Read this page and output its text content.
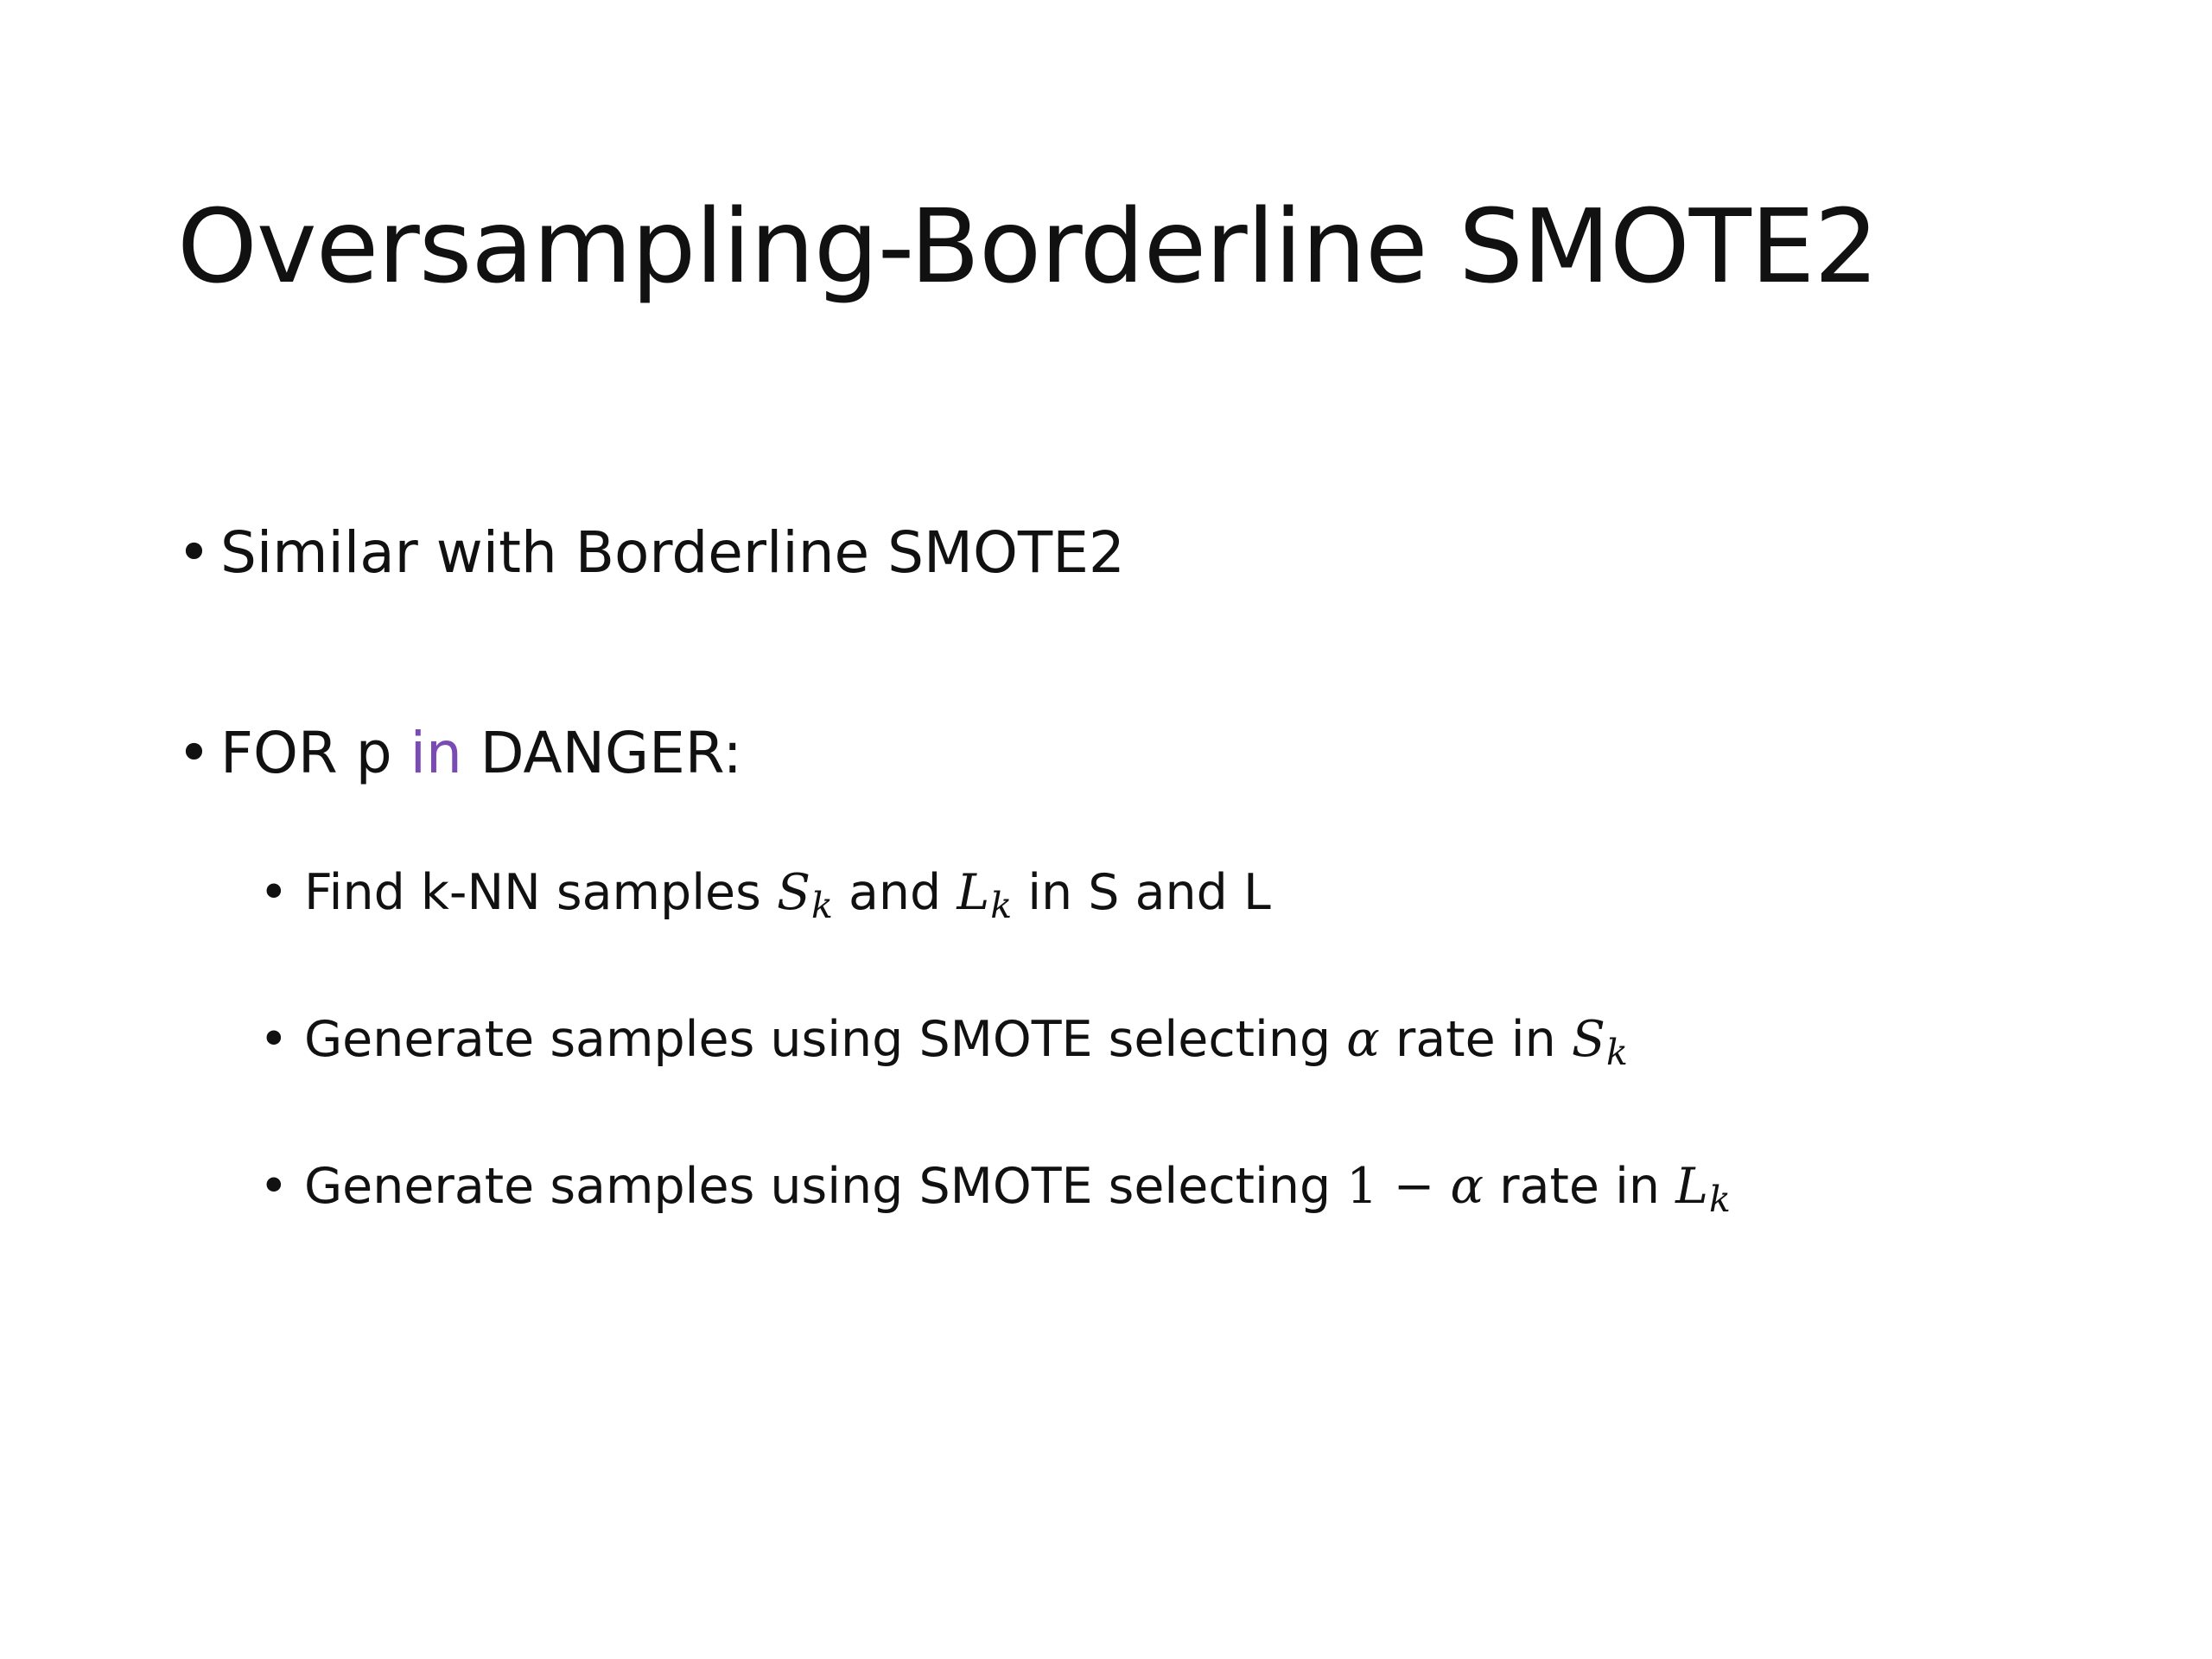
Oversampling-Borderline SMOTE2
• Similar with Borderline SMOTE2
• FOR p in DANGER:
• Find k-NN samples Sk and Lk in S and L
• Generate samples using SMOTE selecting α rate in Sk
• Generate samples using SMOTE selecting 1 − α rate in Lk
